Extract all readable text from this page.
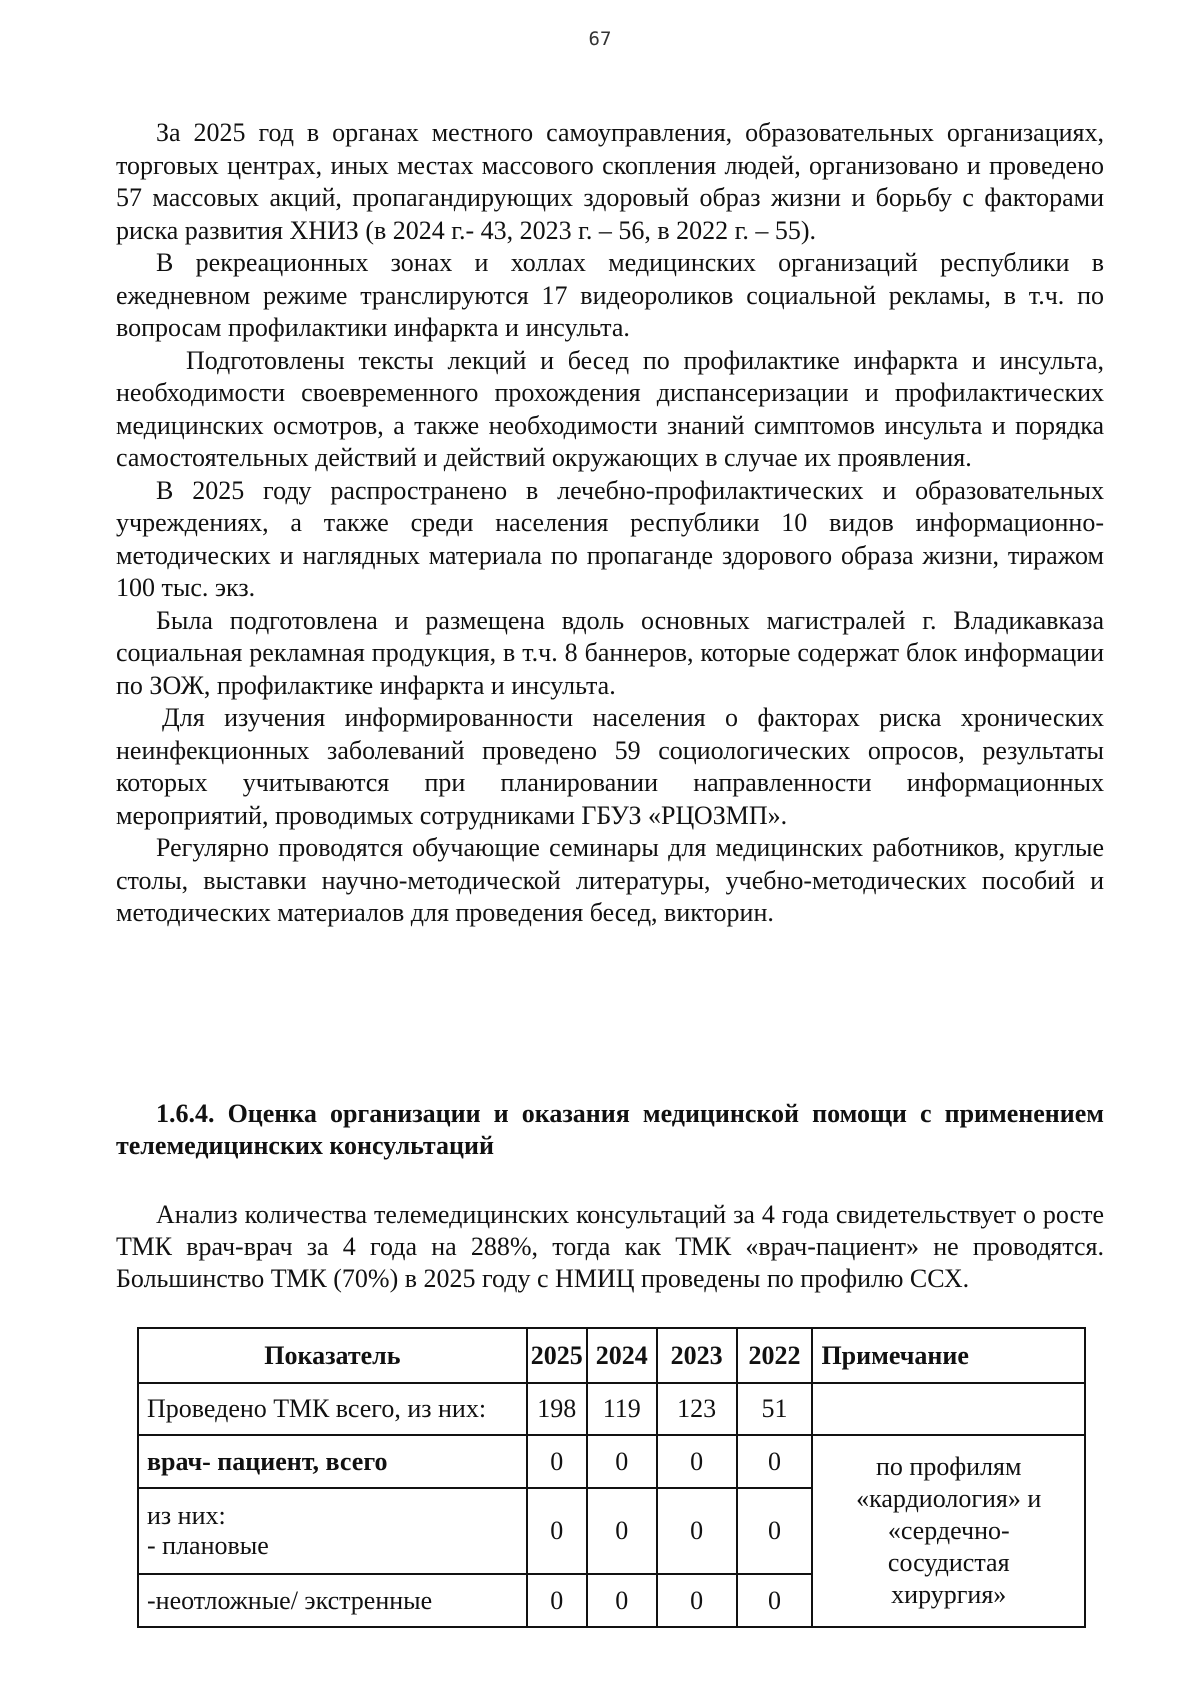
67

За 2025 год в органах местного самоуправления, образовательных организациях, торговых центрах, иных местах массового скопления людей, организовано и проведено 57 массовых акций, пропагандирующих здоровый образ жизни и борьбу с факторами риска развития ХНИЗ (в 2024 г.- 43, 2023 г. – 56, в 2022 г. – 55).

В рекреационных зонах и холлах медицинских организаций республики в ежедневном режиме транслируются 17 видеороликов социальной рекламы, в т.ч. по вопросам профилактики инфаркта и инсульта.

Подготовлены тексты лекций и бесед по профилактике инфаркта и инсульта, необходимости своевременного прохождения диспансеризации и профилактических медицинских осмотров, а также необходимости знаний симптомов инсульта и порядка самостоятельных действий и действий окружающих в случае их проявления.

В 2025 году распространено в лечебно-профилактических и образовательных учреждениях, а также среди населения республики 10 видов информационно-методических и наглядных материала по пропаганде здорового образа жизни, тиражом 100 тыс. экз.

Была подготовлена и размещена вдоль основных магистралей г. Владикавказа социальная рекламная продукция, в т.ч. 8 баннеров, которые содержат блок информации по ЗОЖ, профилактике инфаркта и инсульта.

Для изучения информированности населения о факторах риска хронических неинфекционных заболеваний проведено 59 социологических опросов, результаты которых учитываются при планировании направленности информационных мероприятий, проводимых сотрудниками ГБУЗ «РЦОЗМП».

Регулярно проводятся обучающие семинары для медицинских работников, круглые столы, выставки научно-методической литературы, учебно-методических пособий и методических материалов для проведения бесед, викторин.

1.6.4. Оценка организации и оказания медицинской помощи с применением телемедицинских консультаций

Анализ количества телемедицинских консультаций за 4 года свидетельствует о росте ТМК врач-врач за 4 года на 288%, тогда как ТМК «врач-пациент» не проводятся. Большинство ТМК (70%) в 2025 году с НМИЦ проведены по профилю ССХ.

Показатель	2025	2024	2023	2022	Примечание
Проведено ТМК всего, из них:	198	119	123	51	
врач- пациент, всего	0	0	0	0	по профилям
«кардиология» и
«сердечно-
сосудистая
хирургия»
из них:
- плановые	0	0	0	0	
-неотложные/ экстренные	0	0	0	0	
